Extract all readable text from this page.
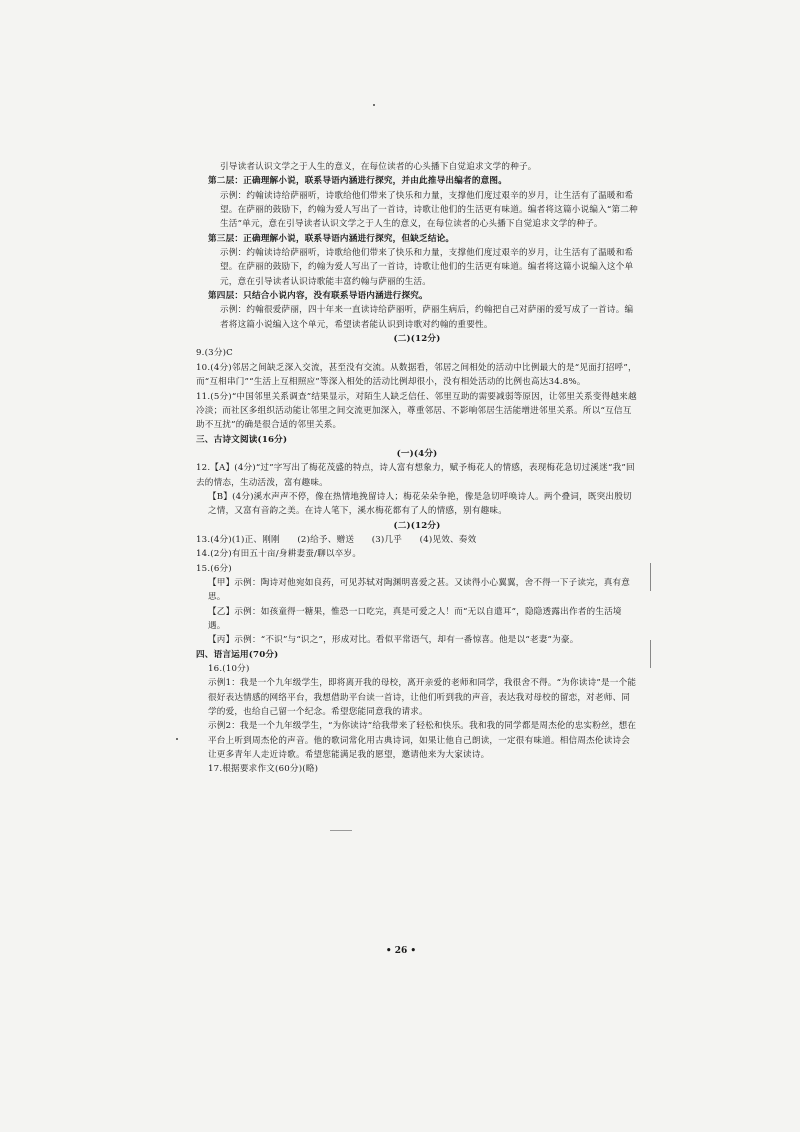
引导读者认识文学之于人生的意义，在每位读者的心头播下自觉追求文学的种子。

第二层：正确理解小说，联系导语内涵进行探究，并由此推导出编者的意图。

示例：约翰读诗给萨丽听，诗歌给他们带来了快乐和力量，支撑他们度过艰辛的岁月，让生活有了温暖和希望。在萨丽的鼓励下，约翰为爱人写出了一首诗，诗歌让他们的生活更有味道。编者将这篇小说编入“第二种生活”单元，意在引导读者认识文学之于人生的意义，在每位读者的心头播下自觉追求文学的种子。

第三层：正确理解小说，联系导语内涵进行探究，但缺乏结论。

示例：约翰读诗给萨丽听，诗歌给他们带来了快乐和力量，支撑他们度过艰辛的岁月，让生活有了温暖和希望。在萨丽的鼓励下，约翰为爱人写出了一首诗，诗歌让他们的生活更有味道。编者将这篇小说编入这个单元，意在引导读者认识诗歌能丰富约翰与萨丽的生活。

第四层：只结合小说内容，没有联系导语内涵进行探究。

示例：约翰很爱萨丽，四十年来一直读诗给萨丽听，萨丽生病后，约翰把自己对萨丽的爱写成了一首诗。编者将这篇小说编入这个单元，希望读者能认识到诗歌对约翰的重要性。

(二)(12分)

9.(3分)C

10.(4分)邻居之间缺乏深入交流，甚至没有交流。从数据看，邻居之间相处的活动中比例最大的是“见面打招呼”，而“互相串门”“生活上互相照应”等深入相处的活动比例却很小，没有相处活动的比例也高达34.8%。

11.(5分)“中国邻里关系调查”结果显示，对陌生人缺乏信任、邻里互助的需要减弱等原因，让邻里关系变得越来越冷淡；而社区多组织活动能让邻里之间交流更加深入，尊重邻居、不影响邻居生活能增进邻里关系。所以“互信互助不互扰”的确是很合适的邻里关系。

三、古诗文阅读(16分)

(一)(4分)

12.【A】(4分)“过”字写出了梅花茂盛的特点，诗人富有想象力，赋予梅花人的情感，表现梅花急切过溪迷“我”回去的情态，生动活泼，富有趣味。

【B】(4分)溪水声声不停，像在热情地挽留诗人；梅花朵朵争艳，像是急切呼唤诗人。两个叠词，既突出殷切之情，又富有音韵之美。在诗人笔下，溪水梅花都有了人的情感，别有趣味。

(二)(12分)

13.(4分)(1)正、刚刚　　(2)给予、赠送　　(3)几乎　　(4)见效、奏效

14.(2分)有田五十亩/身耕妻蚕/聊以卒岁。

15.(6分)

【甲】示例：陶诗对他宛如良药，可见苏轼对陶渊明喜爱之甚。又读得小心翼翼，舍不得一下子读完，真有意思。

【乙】示例：如孩童得一糖果，惟恐一口吃完，真是可爱之人！而“无以自遣耳”，隐隐透露出作者的生活境遇。

【丙】示例：“不识”与“识之”，形成对比。看似平常语气，却有一番惊喜。他是以“老妻”为豪。

四、语言运用(70分)

16.(10分)

示例1：我是一个九年级学生，即将离开我的母校，离开亲爱的老师和同学，我很舍不得。“为你读诗”是一个能很好表达情感的网络平台，我想借助平台读一首诗，让他们听到我的声音，表达我对母校的留恋，对老师、同学的爱，也给自己留一个纪念。希望您能同意我的请求。

示例2：我是一个九年级学生，“为你读诗”给我带来了轻松和快乐。我和我的同学都是周杰伦的忠实粉丝，想在平台上听到周杰伦的声音。他的歌词常化用古典诗词，如果让他自己朗读，一定很有味道。相信周杰伦读诗会让更多青年人走近诗歌。希望您能满足我的愿望，邀请他来为大家读诗。

17.根据要求作文(60分)(略)

• 26 •
